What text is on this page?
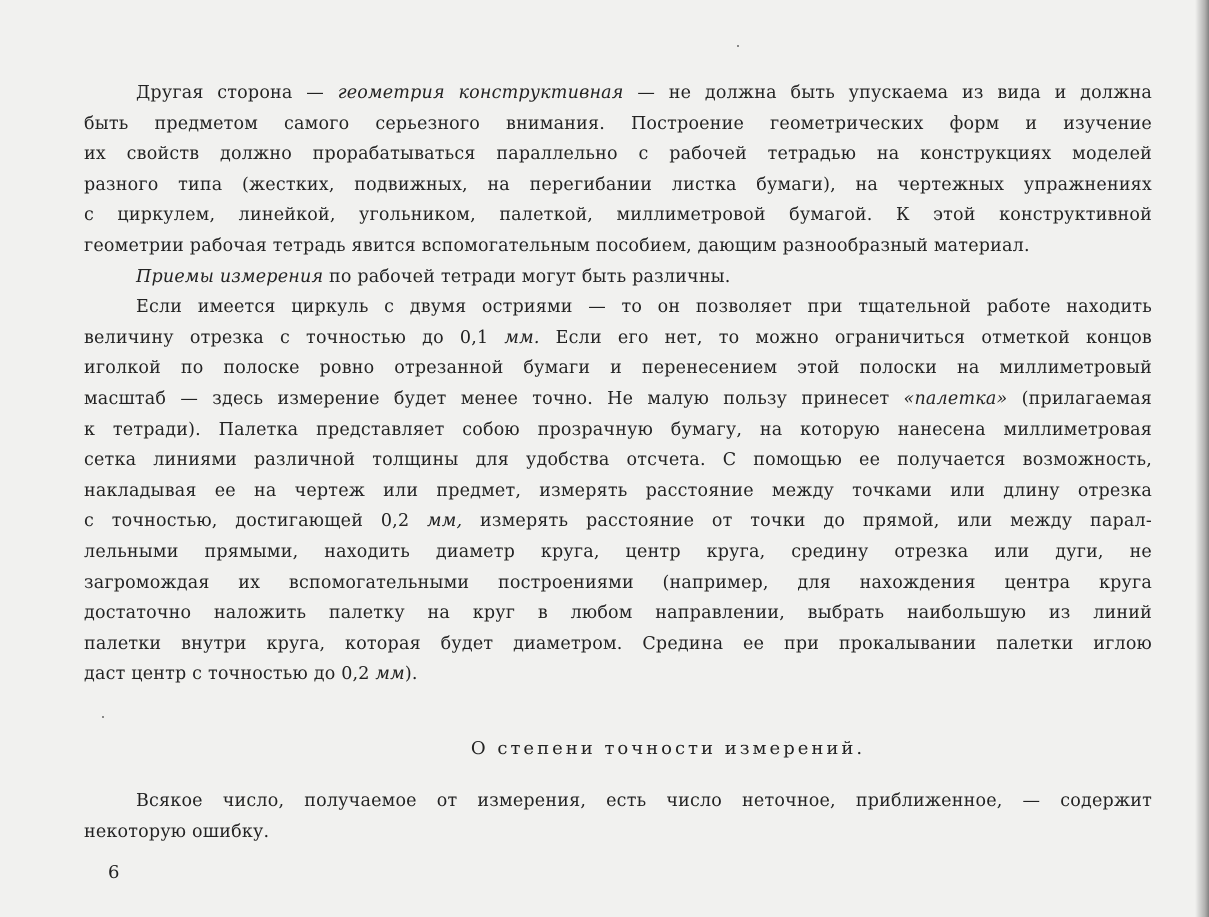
Другая сторона — геометрия конструктивная — не должна быть упускаема из вида и должна
быть предметом самого серьезного внимания. Построение геометрических форм и изучение
их свойств должно прорабатываться параллельно с рабочей тетрадью на конструкциях моделей
разного типа (жестких, подвижных, на перегибании листка бумаги), на чертежных упражнениях
с циркулем, линейкой, угольником, палеткой, миллиметровой бумагой. К этой конструктивной
геометрии рабочая тетрадь явится вспомогательным пособием, дающим разнообразный материал.

Приемы измерения по рабочей тетради могут быть различны.

Если имеется циркуль с двумя остриями — то он позволяет при тщательной работе находить
величину отрезка с точностью до 0,1 мм. Если его нет, то можно ограничиться отметкой концов
иголкой по полоске ровно отрезанной бумаги и перенесением этой полоски на миллиметровый
масштаб — здесь измерение будет менее точно. Не малую пользу принесет «палетка» (прилагаемая
к тетради). Палетка представляет собою прозрачную бумагу, на которую нанесена миллиметровая
сетка линиями различной толщины для удобства отсчета. С помощью ее получается возможность,
накладывая ее на чертеж или предмет, измерять расстояние между точками или длину отрезка
с точностью, достигающей 0,2 мм, измерять расстояние от точки до прямой, или между парал-
лельными прямыми, находить диаметр круга, центр круга, средину отрезка или дуги, не
загромождая их вспомогательными построениями (например, для нахождения центра круга
достаточно наложить палетку на круг в любом направлении, выбрать наибольшую из линий
палетки внутри круга, которая будет диаметром. Средина ее при прокалывании палетки иглою
даст центр с точностью до 0,2 мм).

О степени точности измерений.

Всякое число, получаемое от измерения, есть число неточное, приближенное, — содержит
некоторую ошибку.

6
